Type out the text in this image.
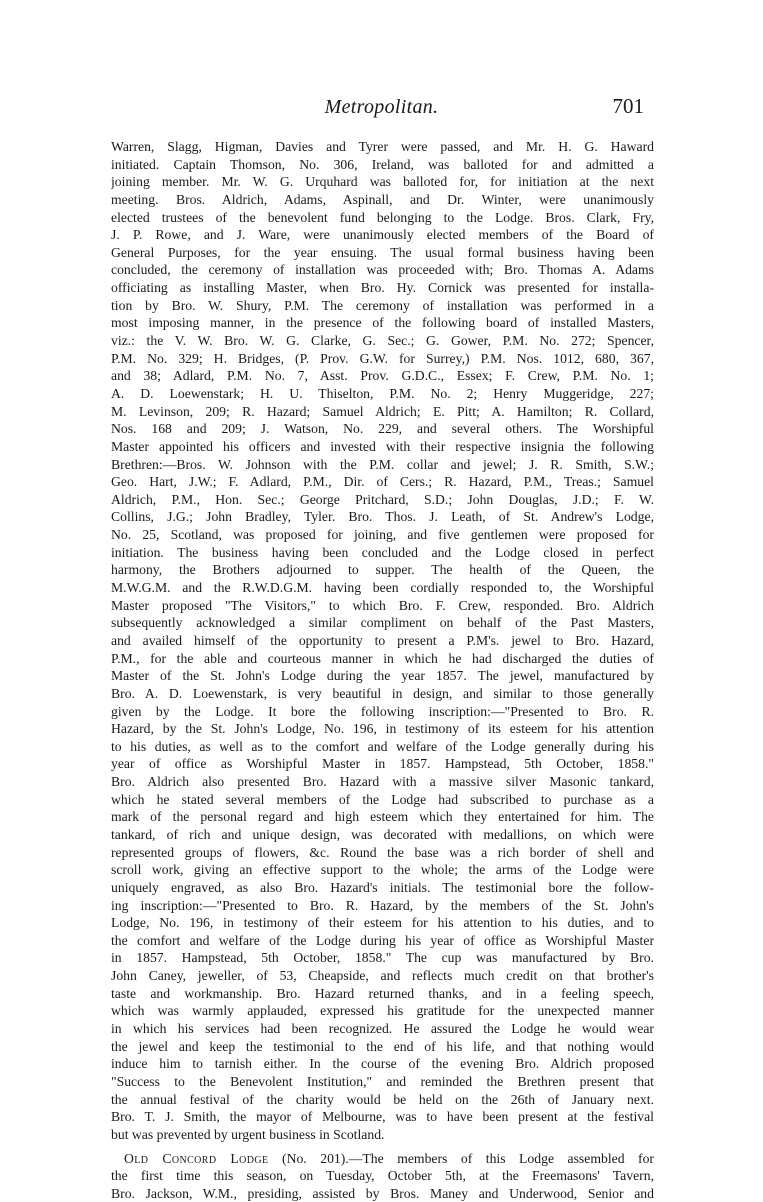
Metropolitan.	701
Warren, Slagg, Higman, Davies and Tyrer were passed, and Mr. H. G. Haward
initiated. Captain Thomson, No. 306, Ireland, was balloted for and admitted a
joining member. Mr. W. G. Urquhard was balloted for, for initiation at the next
meeting. Bros. Aldrich, Adams, Aspinall, and Dr. Winter, were unanimously
elected trustees of the benevolent fund belonging to the Lodge. Bros. Clark, Fry,
J. P. Rowe, and J. Ware, were unanimously elected members of the Board of
General Purposes, for the year ensuing. The usual formal business having been
concluded, the ceremony of installation was proceeded with; Bro. Thomas A. Adams
officiating as installing Master, when Bro. Hy. Cornick was presented for installa-
tion by Bro. W. Shury, P.M. The ceremony of installation was performed in a
most imposing manner, in the presence of the following board of installed Masters,
viz.: the V. W. Bro. W. G. Clarke, G. Sec.; G. Gower, P.M. No. 272; Spencer,
P.M. No. 329; H. Bridges, (P. Prov. G.W. for Surrey,) P.M. Nos. 1012, 680, 367,
and 38; Adlard, P.M. No. 7, Asst. Prov. G.D.C., Essex; F. Crew, P.M. No. 1;
A. D. Loewenstark; H. U. Thiselton, P.M. No. 2; Henry Muggeridge, 227;
M. Levinson, 209; R. Hazard; Samuel Aldrich; E. Pitt; A. Hamilton; R. Collard,
Nos. 168 and 209; J. Watson, No. 229, and several others. The Worshipful
Master appointed his officers and invested with their respective insignia the following
Brethren:—Bros. W. Johnson with the P.M. collar and jewel; J. R. Smith, S.W.;
Geo. Hart, J.W.; F. Adlard, P.M., Dir. of Cers.; R. Hazard, P.M., Treas.; Samuel
Aldrich, P.M., Hon. Sec.; George Pritchard, S.D.; John Douglas, J.D.; F. W.
Collins, J.G.; John Bradley, Tyler. Bro. Thos. J. Leath, of St. Andrew's Lodge,
No. 25, Scotland, was proposed for joining, and five gentlemen were proposed for
initiation. The business having been concluded and the Lodge closed in perfect
harmony, the Brothers adjourned to supper. The health of the Queen, the
M.W.G.M. and the R.W.D.G.M. having been cordially responded to, the Worshipful
Master proposed "The Visitors," to which Bro. F. Crew, responded. Bro. Aldrich
subsequently acknowledged a similar compliment on behalf of the Past Masters,
and availed himself of the opportunity to present a P.M's. jewel to Bro. Hazard,
P.M., for the able and courteous manner in which he had discharged the duties of
Master of the St. John's Lodge during the year 1857. The jewel, manufactured by
Bro. A. D. Loewenstark, is very beautiful in design, and similar to those generally
given by the Lodge. It bore the following inscription:—"Presented to Bro. R.
Hazard, by the St. John's Lodge, No. 196, in testimony of its esteem for his attention
to his duties, as well as to the comfort and welfare of the Lodge generally during his
year of office as Worshipful Master in 1857. Hampstead, 5th October, 1858."
Bro. Aldrich also presented Bro. Hazard with a massive silver Masonic tankard,
which he stated several members of the Lodge had subscribed to purchase as a
mark of the personal regard and high esteem which they entertained for him. The
tankard, of rich and unique design, was decorated with medallions, on which were
represented groups of flowers, &c. Round the base was a rich border of shell and
scroll work, giving an effective support to the whole; the arms of the Lodge were
uniquely engraved, as also Bro. Hazard's initials. The testimonial bore the follow-
ing inscription:—"Presented to Bro. R. Hazard, by the members of the St. John's
Lodge, No. 196, in testimony of their esteem for his attention to his duties, and to
the comfort and welfare of the Lodge during his year of office as Worshipful Master
in 1857. Hampstead, 5th October, 1858." The cup was manufactured by Bro.
John Caney, jeweller, of 53, Cheapside, and reflects much credit on that brother's
taste and workmanship. Bro. Hazard returned thanks, and in a feeling speech,
which was warmly applauded, expressed his gratitude for the unexpected manner
in which his services had been recognized. He assured the Lodge he would wear
the jewel and keep the testimonial to the end of his life, and that nothing would
induce him to tarnish either. In the course of the evening Bro. Aldrich proposed
"Success to the Benevolent Institution," and reminded the Brethren present that
the annual festival of the charity would be held on the 26th of January next.
Bro. T. J. Smith, the mayor of Melbourne, was to have been present at the festival
but was prevented by urgent business in Scotland.
Old Concord Lodge (No. 201).—The members of this Lodge assembled for
the first time this season, on Tuesday, October 5th, at the Freemasons' Tavern,
Bro. Jackson, W.M., presiding, assisted by Bros. Maney and Underwood, Senior and
